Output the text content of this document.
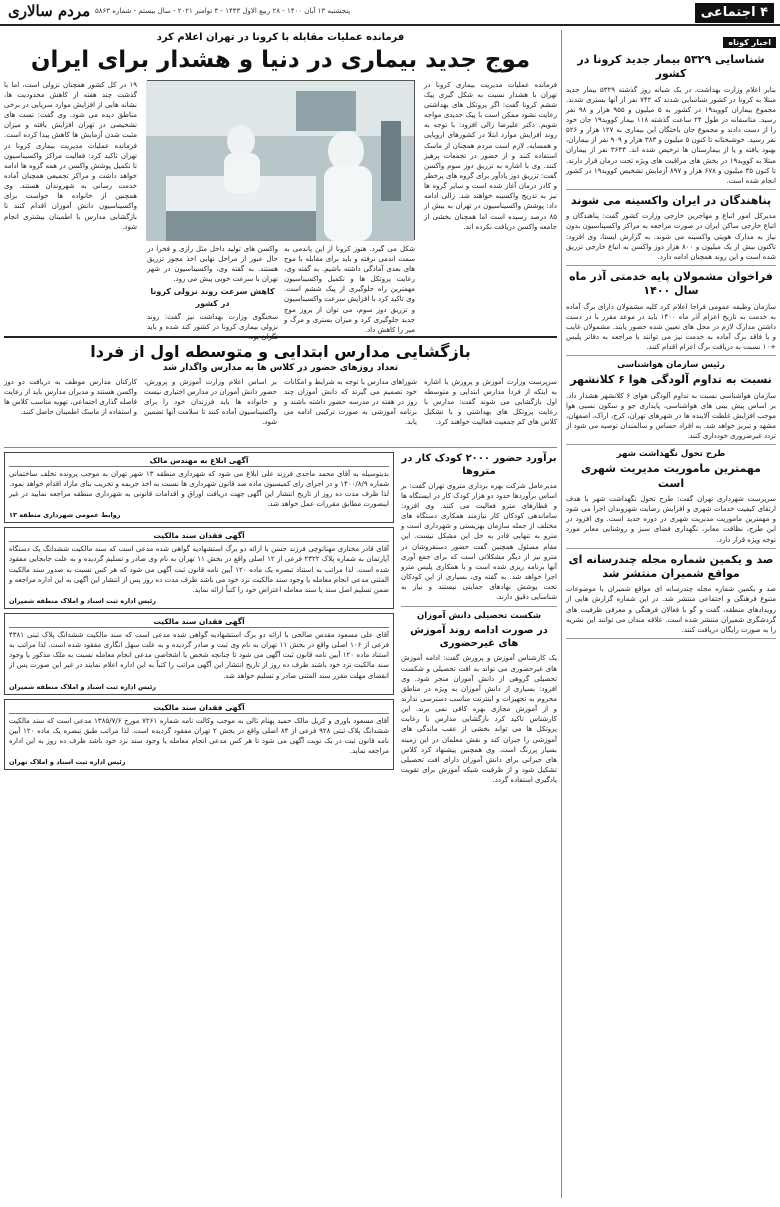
۴ اجتماعی
پنجشنبه ۱۳ آبان ۱۴۰۰ - ۲۸ ربیع الاول ۱۴۴۳ - ۴ نوامبر ۲۰۲۱ - سال بیستم - شماره ۵۸۶۳
مردم سالاری
اخبار کوتاه
شناسایی ۵۳۲۹ بیمار جدید کرونا در کشور

بنابر اعلام وزارت بهداشت، در یک شبانه روز گذشته ۵۳۲۹ بیمار جدید مبتلا به کرونا در کشور شناسایی شدند که ۷۴۲ نفر از آنها بستری شدند. مجموع بیماران کووید۱۹ در کشور به ۵ میلیون و ۹۵۵ هزار و ۹۸ نفر رسید. متاسفانه در طول ۲۴ ساعت گذشته ۱۱۸ بیمار کووید۱۹ جان خود را از دست دادند و مجموع جان باختگان این بیماری به ۱۲۷ هزار و ۵۲۶ نفر رسید. خوشبختانه تا کنون ۵ میلیون و ۳۸۳ هزار و ۹۰۹ نفر از بیماران، بهبود یافته و یا از بیمارستان ها ترخیص شده اند. ۳۶۴۳ نفر از بیماران مبتلا به کووید۱۹ در بخش های مراقبت های ویژه تحت درمان قرار دارند. تا کنون ۳۵ میلیون و ۶۷۸ هزار و ۸۹۷ آزمایش تشخیص کووید۱۹ در کشور انجام شده است.

پناهندگان در ایران واکسینه می شوند

مدیرکل امور اتباع و مهاجرین خارجی وزارت کشور گفت: پناهندگان و اتباع خارجی ساکن ایران در صورت مراجعه به مراکز واکسیناسیون بدون نیاز به مدارک هویتی واکسینه می شوند. به گزارش ایسنا، وی افزود: تاکنون بیش از یک میلیون و ۸۰۰ هزار دوز واکسن به اتباع خارجی تزریق شده است و این روند همچنان ادامه دارد.

فراخوان مشمولان پایه خدمتی آذر ماه سال ۱۴۰۰

سازمان وظیفه عمومی فراجا اعلام کرد کلیه مشمولان دارای برگ آماده به خدمت به تاریخ اعزام آذر ماه ۱۴۰۰ باید در موعد مقرر با در دست داشتن مدارک لازم در محل های تعیین شده حضور یابند. مشمولان غایب و یا فاقد برگ آماده به خدمت نیز می توانند با مراجعه به دفاتر پلیس +۱۰ نسبت به دریافت برگ اعزام اقدام کنند.

رئیس سازمان هواشناسی
نسبت به تداوم آلودگی هوا ۶ کلانشهر

سازمان هواشناسی نسبت به تداوم آلودگی هوای ۶ کلانشهر هشدار داد. بر اساس پیش بینی های هواشناسی، پایداری جو و سکون نسبی هوا موجب افزایش غلظت آلاینده ها در شهرهای تهران، کرج، اراک، اصفهان، مشهد و تبریز خواهد شد. به افراد حساس و سالمندان توصیه می شود از تردد غیرضروری خودداری کنند.

طرح تحول نگهداشت شهر
مهمترین ماموریت مدیریت شهری است

سرپرست شهرداری تهران گفت: طرح تحول نگهداشت شهر با هدف ارتقای کیفیت خدمات شهری و افزایش رضایت شهروندان اجرا می شود و مهمترین ماموریت مدیریت شهری در دوره جدید است. وی افزود در این طرح، نظافت معابر، نگهداری فضای سبز و روشنایی معابر مورد توجه ویژه قرار دارد.

صد و یکمین شماره مجله چندرسانه ای مواقع شمیران منتشر شد

صد و یکمین شماره مجله چندرسانه ای مواقع شمیران با موضوعات متنوع فرهنگی و اجتماعی منتشر شد. در این شماره گزارش هایی از رویدادهای منطقه، گفت و گو با فعالان فرهنگی و معرفی ظرفیت های گردشگری شمیران منتشر شده است. علاقه مندان می توانند این نشریه را به صورت رایگان دریافت کنند.

فرمانده عملیات مقابله با کرونا در تهران اعلام کرد
موج جدید بیماری در دنیا و هشدار برای ایران
فرمانده عملیات مدیریت بیماری کرونا در تهران با هشدار نسبت به شکل گیری پیک ششم کرونا گفت: اگر پروتکل های بهداشتی رعایت نشود ممکن است با پیک جدیدی مواجه شویم. دکتر علیرضا زالی افزود: با توجه به روند افزایش موارد ابتلا در کشورهای اروپایی و همسایه، لازم است مردم همچنان از ماسک استفاده کنند و از حضور در تجمعات پرهیز کنند. وی با اشاره به تزریق دوز سوم واکسن گفت: تزریق دوز یادآور برای گروه های پرخطر و کادر درمان آغاز شده است و سایر گروه ها نیز به تدریج واکسینه خواهند شد. زالی ادامه داد: پوشش واکسیناسیون در تهران به بیش از ۸۵ درصد رسیده است اما همچنان بخشی از جامعه واکسن دریافت نکرده اند.
شکل می گیرد. هنوز کرونا از این پاندمی به سمت اندمی نرفته و باید برای مقابله با موج های بعدی آمادگی داشته باشیم. به گفته وی، رعایت پروتکل ها و تکمیل واکسیناسیون مهمترین راه جلوگیری از پیک ششم است. وی تاکید کرد با افزایش سرعت واکسیناسیون و تزریق دوز سوم، می توان از بروز موج جدید جلوگیری کرد و میزان بستری و مرگ و میر را کاهش داد.
واکسن های تولید داخل مثل رازی و فخرا در حال عبور از مراحل نهایی اخذ مجوز تزریق هستند. به گفته وی، واکسیناسیون در شهر تهران با سرعت خوبی پیش می رود.
کاهش سرعت روند نزولی کرونا در کشور
سخنگوی وزارت بهداشت نیز گفت: روند نزولی بیماری کرونا در کشور کند شده و باید نگران بود.
۱۹ در کل کشور همچنان نزولی است، اما با گذشت چند هفته از کاهش محدودیت ها، نشانه هایی از افزایش موارد سرپایی در برخی مناطق دیده می شود. وی گفت: تست های تشخیصی در تهران افزایش یافته و میزان مثبت شدن آزمایش ها کاهش پیدا کرده است. فرمانده عملیات مدیریت بیماری کرونا در تهران تاکید کرد: فعالیت مراکز واکسیناسیون تا تکمیل پوشش واکسن در همه گروه ها ادامه خواهد داشت و مراکز تجمیعی همچنان آماده خدمت رسانی به شهروندان هستند. وی همچنین از خانواده ها خواست برای واکسیناسیون دانش آموزان اقدام کنند تا بازگشایی مدارس با اطمینان بیشتری انجام شود.
بازگشایی مدارس ابتدایی و متوسطه اول از فردا
تعداد روزهای حضور در کلاس ها به مدارس واگذار شد

سرپرست وزارت آموزش و پرورش با اشاره به اینکه از فردا مدارس ابتدایی و متوسطه اول بازگشایی می شوند گفت: مدارس با رعایت پروتکل های بهداشتی و با تشکیل کلاس های کم جمعیت فعالیت خواهند کرد.

شوراهای مدارس با توجه به شرایط و امکانات خود تصمیم می گیرند که دانش آموزان چند روز در هفته در مدرسه حضور داشته باشند و برنامه آموزشی به صورت ترکیبی ادامه می یابد.

بر اساس اعلام وزارت آموزش و پرورش، حضور دانش آموزان در مدارس اختیاری نیست و خانواده ها باید فرزندان خود را برای واکسیناسیون آماده کنند تا سلامت آنها تضمین شود.

کارکنان مدارس موظف به دریافت دو دوز واکسن هستند و مدیران مدارس باید از رعایت فاصله گذاری اجتماعی، تهویه مناسب کلاس ها و استفاده از ماسک اطمینان حاصل کنند.

برآورد حضور ۲۰۰۰ کودک کار در متروها

مدیرعامل شرکت بهره برداری متروی تهران گفت: بر اساس برآوردها حدود دو هزار کودک کار در ایستگاه ها و قطارهای مترو فعالیت می کنند. وی افزود: ساماندهی کودکان کار نیازمند همکاری دستگاه های مختلف از جمله سازمان بهزیستی و شهرداری است و مترو به تنهایی قادر به حل این مشکل نیست. این مقام مسئول همچنین گفت حضور دستفروشان در مترو نیز از دیگر مشکلاتی است که برای جمع آوری آنها برنامه ریزی شده است و با همکاری پلیس مترو اجرا خواهد شد. به گفته وی، بسیاری از این کودکان تحت پوشش نهادهای حمایتی نیستند و نیاز به شناسایی دقیق دارند.

شکست تحصیلی دانش آموزان
در صورت ادامه روند آموزش های غیرحضوری

یک کارشناس آموزش و پرورش گفت: ادامه آموزش های غیرحضوری می تواند به افت تحصیلی و شکست تحصیلی گروهی از دانش آموزان منجر شود. وی افزود: بسیاری از دانش آموزان به ویژه در مناطق محروم به تجهیزات و اینترنت مناسب دسترسی ندارند و از آموزش مجازی بهره کافی نمی برند. این کارشناس تاکید کرد بازگشایی مدارس با رعایت پروتکل ها می تواند بخشی از عقب ماندگی های آموزشی را جبران کند و نقش معلمان در این زمینه بسیار پررنگ است. وی همچنین پیشنهاد کرد کلاس های جبرانی برای دانش آموزان دارای افت تحصیلی تشکیل شود و از ظرفیت شبکه آموزش برای تقویت یادگیری استفاده گردد.

آگهی ابلاغ به مهندس مالک

بدینوسیله به آقای محمد ماجدی فرزند علی ابلاغ می شود که شهرداری منطقه ۱۳ شهر تهران به موجب پرونده تخلف ساختمانی شماره ۱۴۰۰/۸/۹ و در اجرای رای کمیسیون ماده صد قانون شهرداری ها نسبت به اخذ جریمه و تخریب بنای مازاد اقدام خواهد نمود. لذا ظرف مدت ده روز از تاریخ انتشار این آگهی جهت دریافت اوراق و اقدامات قانونی به شهرداری منطقه مراجعه نمایید در غیر اینصورت مطابق مقررات عمل خواهد شد.

روابط عمومی شهرداری منطقه ۱۳
آگهی فقدان سند مالکیت

آقای قادر مختاری مهناتوچی فرزند حسن با ارائه دو برگ استشهادیه گواهی شده مدعی است که سند مالکیت ششدانگ یک دستگاه آپارتمان به شماره پلاک ۲۳۲۲ فرعی از ۱۲ اصلی واقع در بخش ۱۱ تهران به نام وی صادر و تسلیم گردیده و به علت جابجایی مفقود شده است. لذا مراتب به استناد تبصره یک ماده ۱۲۰ آیین نامه قانون ثبت آگهی می شود که هر کس نسبت به صدور سند مالکیت المثنی مدعی انجام معامله یا وجود سند مالکیت نزد خود می باشد ظرف مدت ده روز پس از انتشار این آگهی به این اداره مراجعه و ضمن تسلیم اصل سند یا سند معامله اعتراض خود را کتباً ارائه نماید.

رئیس اداره ثبت اسناد و املاک منطقه شمیران
آگهی فقدان سند مالکیت

آقای علی مسعود مقدس صالحی با ارائه دو برگ استشهادیه گواهی شده مدعی است که سند مالکیت ششدانگ پلاک ثبتی ۴۳۸۱ فرعی از ۱۰۶ اصلی واقع در بخش ۱۱ تهران به نام وی ثبت و صادر گردیده و به علت سهل انگاری مفقود شده است. لذا مراتب به استناد ماده ۱۲۰ آیین نامه قانون ثبت آگهی می شود تا چنانچه شخص یا اشخاصی مدعی انجام معامله نسبت به ملک مذکور یا وجود سند مالکیت نزد خود باشند ظرف ده روز از تاریخ انتشار این آگهی مراتب را کتباً به این اداره اعلام نمایند در غیر این صورت پس از انقضای مهلت مقرر سند المثنی صادر و تسلیم خواهد شد.

رئیس اداره ثبت اسناد و املاک منطقه شمیران
آگهی فقدان سند مالکیت

آقای مسعود باوری و کریل مالک حمید پهنام ثالی به موجب وکالت نامه شماره ۷۲۶۱ مورخ ۱۳۸۵/۷/۶ مدعی است که سند مالکیت ششدانگ پلاک ثبتی ۹۲۸ فرعی از ۸۴ اصلی واقع در بخش ۲ تهران مفقود گردیده است. لذا مراتب طبق تبصره یک ماده ۱۲۰ آیین نامه قانون ثبت در یک نوبت آگهی می شود تا هر کس مدعی انجام معامله یا وجود سند نزد خود باشد ظرف ده روز به این اداره مراجعه نماید.

رئیس اداره ثبت اسناد و املاک تهران
